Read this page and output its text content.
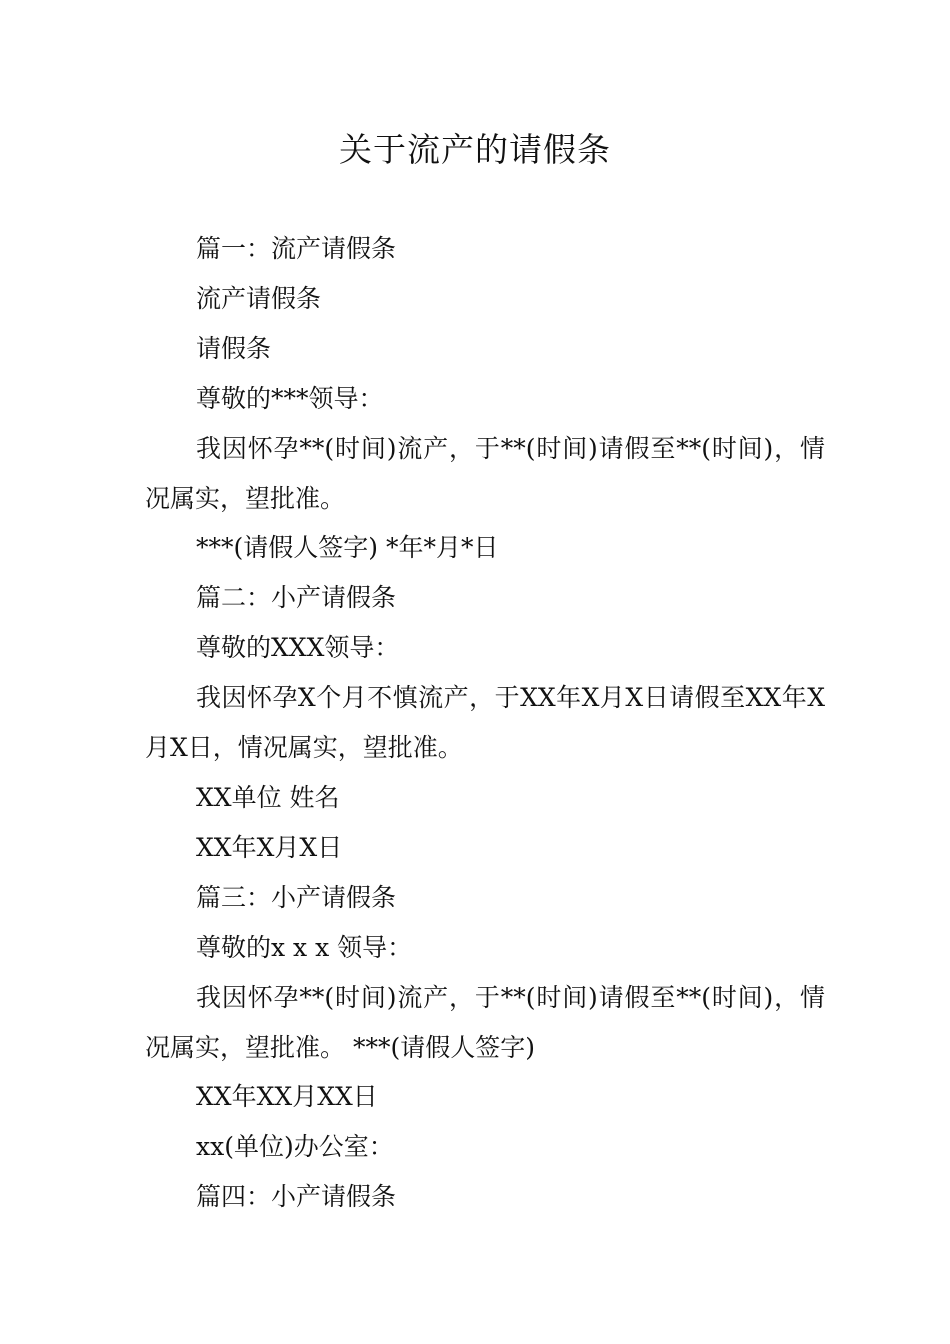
关于流产的请假条

篇一：流产请假条

流产请假条

请假条

尊敬的***领导：

我因怀孕**(时间)流产，于**(时间)请假至**(时间)，情况属实，望批准。

***(请假人签字) *年*月*日

篇二：小产请假条

尊敬的XXX领导：

我因怀孕X个月不慎流产，于XX年X月X日请假至XX年X月X日，情况属实，望批准。

XX单位 姓名

XX年X月X日

篇三：小产请假条

尊敬的x x x 领导：

我因怀孕**(时间)流产，于**(时间)请假至**(时间)，情况属实，望批准。 ***(请假人签字)

XX年XX月XX日

xx(单位)办公室：

篇四：小产请假条
